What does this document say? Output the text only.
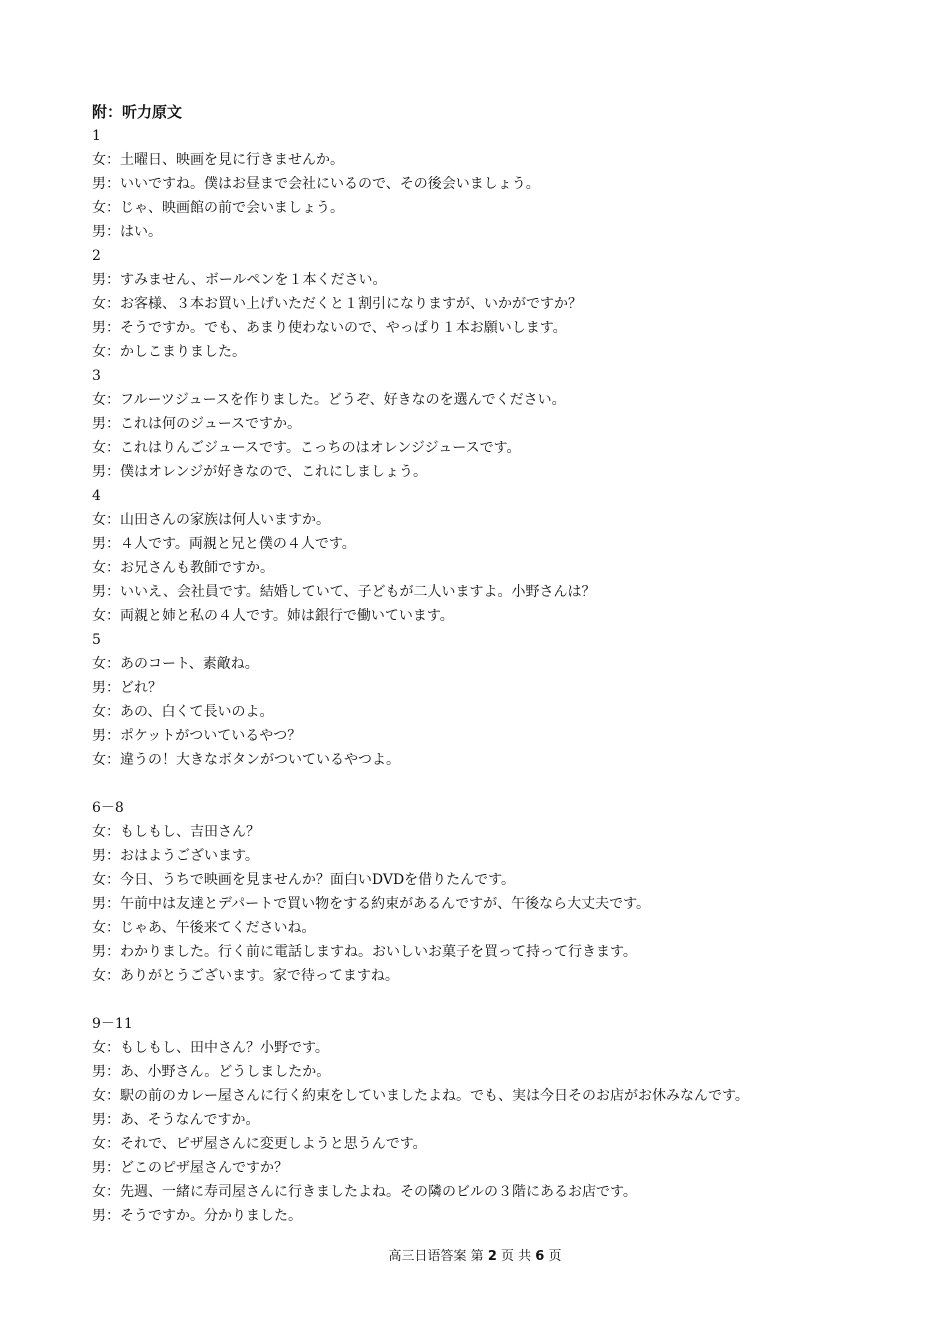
附：听力原文
1
女：土曜日、映画を見に行きませんか。
男：いいですね。僕はお昼まで会社にいるので、その後会いましょう。
女：じゃ、映画館の前で会いましょう。
男：はい。
2
男：すみません、ボールペンを１本ください。
女：お客様、３本お買い上げいただくと１割引になりますが、いかがですか？
男：そうですか。でも、あまり使わないので、やっぱり１本お願いします。
女：かしこまりました。
3
女：フルーツジュースを作りました。どうぞ、好きなのを選んでください。
男：これは何のジュースですか。
女：これはりんごジュースです。こっちのはオレンジジュースです。
男：僕はオレンジが好きなので、これにしましょう。
4
女：山田さんの家族は何人いますか。
男：４人です。両親と兄と僕の４人です。
女：お兄さんも教師ですか。
男：いいえ、会社員です。結婚していて、子どもが二人いますよ。小野さんは？
女：両親と姉と私の４人です。姉は銀行で働いています。
5
女：あのコート、素敵ね。
男：どれ？
女：あの、白くて長いのよ。
男：ポケットがついているやつ？
女：違うの！大きなボタンがついているやつよ。
6－8
女：もしもし、吉田さん？
男：おはようございます。
女：今日、うちで映画を見ませんか？面白いDVDを借りたんです。
男：午前中は友達とデパートで買い物をする約束があるんですが、午後なら大丈夫です。
女：じゃあ、午後来てくださいね。
男：わかりました。行く前に電話しますね。おいしいお菓子を買って持って行きます。
女：ありがとうございます。家で待ってますね。
9－11
女：もしもし、田中さん？小野です。
男：あ、小野さん。どうしましたか。
女：駅の前のカレー屋さんに行く約束をしていましたよね。でも、実は今日そのお店がお休みなんです。
男：あ、そうなんですか。
女：それで、ピザ屋さんに変更しようと思うんです。
男：どこのピザ屋さんですか？
女：先週、一緒に寿司屋さんに行きましたよね。その隣のビルの３階にあるお店です。
男：そうですか。分かりました。
高三日语答案 第 2 页 共 6 页
